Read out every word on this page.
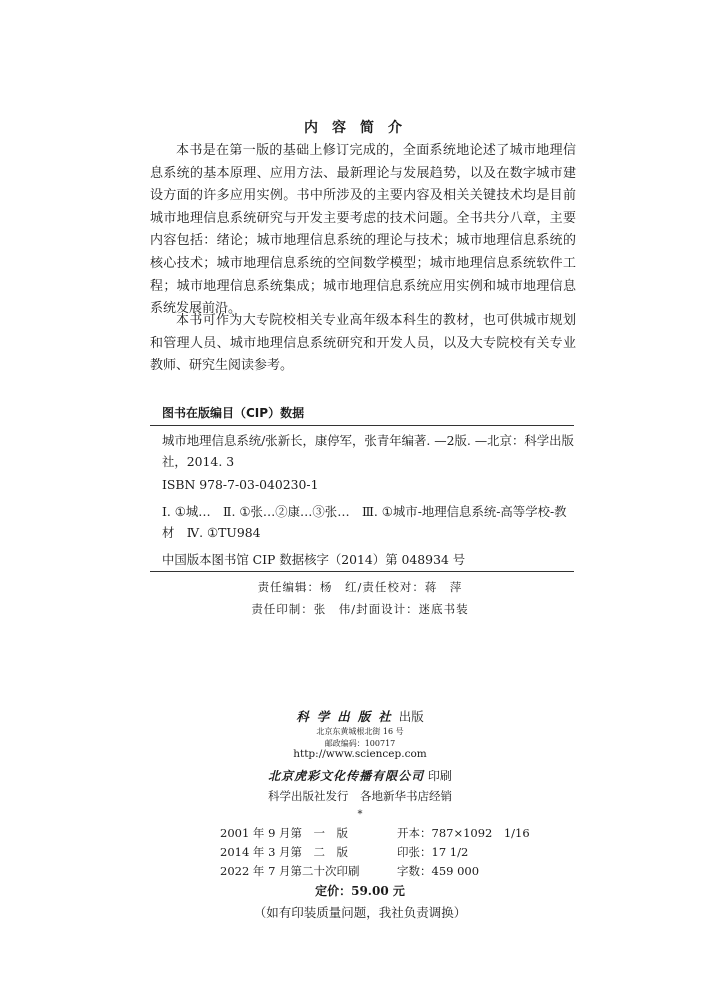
内容简介
本书是在第一版的基础上修订完成的，全面系统地论述了城市地理信息系统的基本原理、应用方法、最新理论与发展趋势，以及在数字城市建设方面的许多应用实例。书中所涉及的主要内容及相关关键技术均是目前城市地理信息系统研究与开发主要考虑的技术问题。全书共分八章，主要内容包括：绪论；城市地理信息系统的理论与技术；城市地理信息系统的核心技术；城市地理信息系统的空间数学模型；城市地理信息系统软件工程；城市地理信息系统集成；城市地理信息系统应用实例和城市地理信息系统发展前沿。
本书可作为大专院校相关专业高年级本科生的教材，也可供城市规划和管理人员、城市地理信息系统研究和开发人员，以及大专院校有关专业教师、研究生阅读参考。
图书在版编目（CIP）数据
城市地理信息系统/张新长，康停军，张青年编著. —2版. —北京：科学出版社，2014. 3
ISBN 978-7-03-040230-1
Ⅰ. ①城…　Ⅱ. ①张…②康…③张…　Ⅲ. ①城市-地理信息系统-高等学校-教材　Ⅳ. ①TU984
中国版本图书馆 CIP 数据核字（2014）第 048934 号
责任编辑：杨　红/责任校对：蒋　萍
责任印制：张　伟/封面设计：迷底书装
科学出版社出版
北京东黄城根北街 16 号
邮政编码：100717
http://www.sciencep.com
北京虎彩文化传播有限公司 印刷
科学出版社发行　各地新华书店经销
*
2001 年 9 月第　一　版	开本：787×1092　1/16
2014 年 3 月第　二　版	印张：17 1/2
2022 年 7 月第二十次印刷	字数：459 000
定价：59.00 元
（如有印装质量问题，我社负责调换）
